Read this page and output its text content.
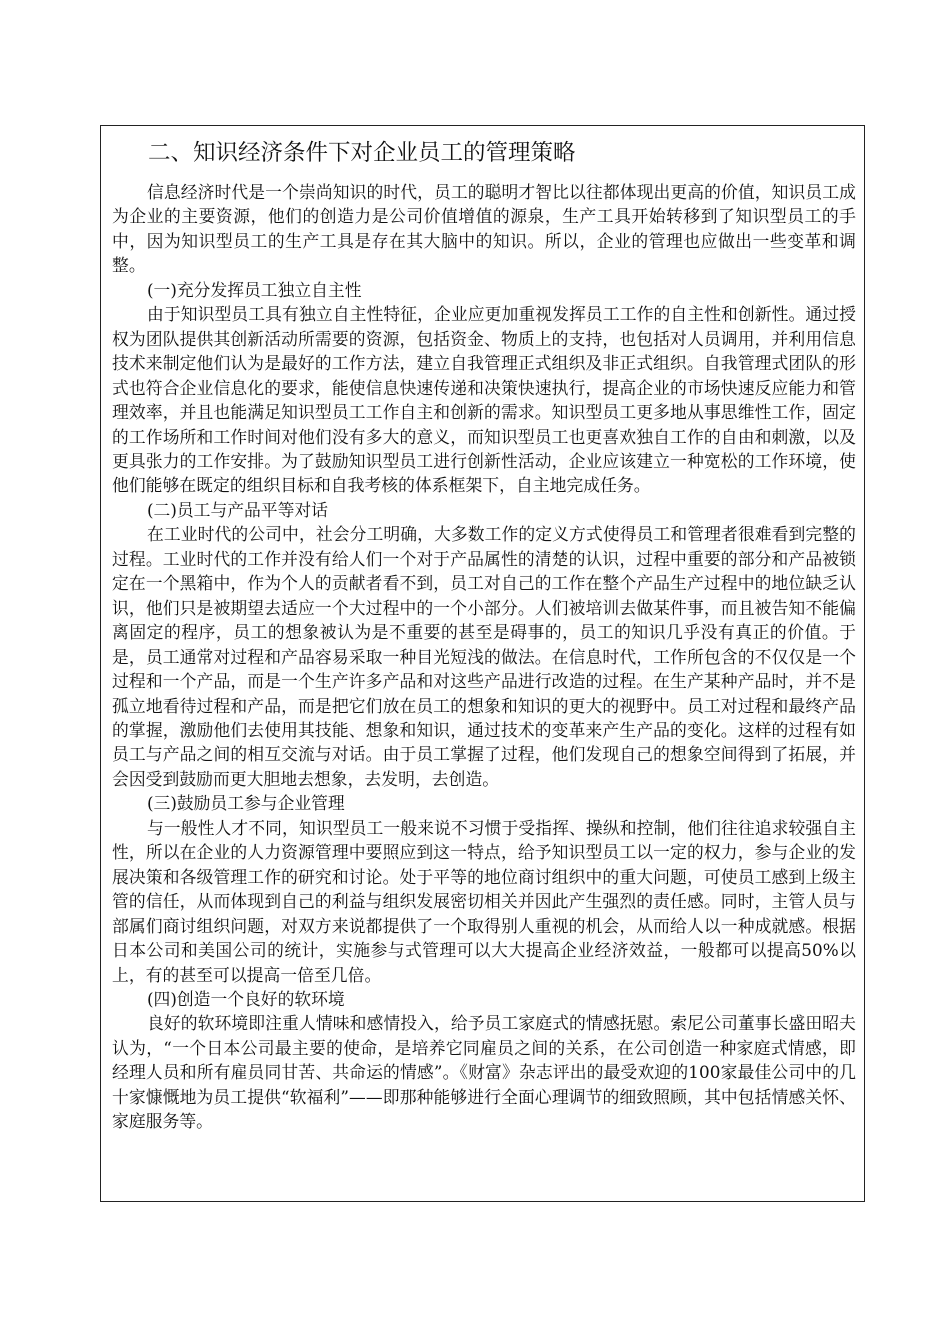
二、知识经济条件下对企业员工的管理策略

信息经济时代是一个崇尚知识的时代，员工的聪明才智比以往都体现出更高的价值，知识员工成为企业的主要资源，他们的创造力是公司价值增值的源泉，生产工具开始转移到了知识型员工的手中，因为知识型员工的生产工具是存在其大脑中的知识。所以，企业的管理也应做出一些变革和调整。

(一)充分发挥员工独立自主性

由于知识型员工具有独立自主性特征，企业应更加重视发挥员工工作的自主性和创新性。通过授权为团队提供其创新活动所需要的资源，包括资金、物质上的支持，也包括对人员调用，并利用信息技术来制定他们认为是最好的工作方法，建立自我管理正式组织及非正式组织。自我管理式团队的形式也符合企业信息化的要求，能使信息快速传递和决策快速执行，提高企业的市场快速反应能力和管理效率，并且也能满足知识型员工工作自主和创新的需求。知识型员工更多地从事思维性工作，固定的工作场所和工作时间对他们没有多大的意义，而知识型员工也更喜欢独自工作的自由和刺激，以及更具张力的工作安排。为了鼓励知识型员工进行创新性活动，企业应该建立一种宽松的工作环境，使他们能够在既定的组织目标和自我考核的体系框架下，自主地完成任务。

(二)员工与产品平等对话

在工业时代的公司中，社会分工明确，大多数工作的定义方式使得员工和管理者很难看到完整的过程。工业时代的工作并没有给人们一个对于产品属性的清楚的认识，过程中重要的部分和产品被锁定在一个黑箱中，作为个人的贡献者看不到，员工对自己的工作在整个产品生产过程中的地位缺乏认识，他们只是被期望去适应一个大过程中的一个小部分。人们被培训去做某件事，而且被告知不能偏离固定的程序，员工的想象被认为是不重要的甚至是碍事的，员工的知识几乎没有真正的价值。于是，员工通常对过程和产品容易采取一种目光短浅的做法。在信息时代，工作所包含的不仅仅是一个过程和一个产品，而是一个生产许多产品和对这些产品进行改造的过程。在生产某种产品时，并不是孤立地看待过程和产品，而是把它们放在员工的想象和知识的更大的视野中。员工对过程和最终产品的掌握，激励他们去使用其技能、想象和知识，通过技术的变革来产生产品的变化。这样的过程有如员工与产品之间的相互交流与对话。由于员工掌握了过程，他们发现自己的想象空间得到了拓展，并会因受到鼓励而更大胆地去想象，去发明，去创造。

(三)鼓励员工参与企业管理

与一般性人才不同，知识型员工一般来说不习惯于受指挥、操纵和控制，他们往往追求较强自主性，所以在企业的人力资源管理中要照应到这一特点，给予知识型员工以一定的权力，参与企业的发展决策和各级管理工作的研究和讨论。处于平等的地位商讨组织中的重大问题，可使员工感到上级主管的信任，从而体现到自己的利益与组织发展密切相关并因此产生强烈的责任感。同时，主管人员与部属们商讨组织问题，对双方来说都提供了一个取得别人重视的机会，从而给人以一种成就感。根据日本公司和美国公司的统计，实施参与式管理可以大大提高企业经济效益，一般都可以提高50%以上，有的甚至可以提高一倍至几倍。

(四)创造一个良好的软环境

良好的软环境即注重人情味和感情投入，给予员工家庭式的情感抚慰。索尼公司董事长盛田昭夫认为，“一个日本公司最主要的使命，是培养它同雇员之间的关系，在公司创造一种家庭式情感，即经理人员和所有雇员同甘苦、共命运的情感”。《财富》杂志评出的最受欢迎的100家最佳公司中的几十家慷慨地为员工提供“软福利”——即那种能够进行全面心理调节的细致照顾，其中包括情感关怀、家庭服务等。
